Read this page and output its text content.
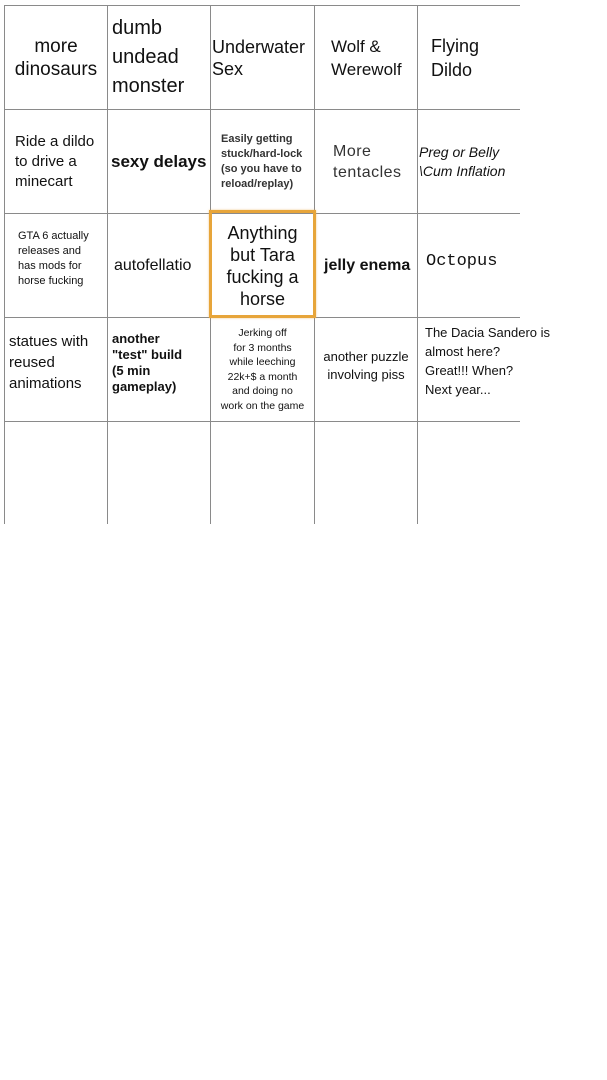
more
dinosaurs
dumb
undead
monster
Underwater
Sex
Wolf &
Werewolf
Flying
Dildo
Ride a dildo
to drive a
minecart
sexy delays
Easily getting
stuck/hard-lock
(so you have to
reload/replay)
More
tentacles
Preg or Belly
\Cum Inflation
GTA 6 actually
releases and
has mods for
horse fucking
autofellatio
Anything
but Tara
fucking a
horse
jelly enema Octopus
statues with
reused
animations
another
"test" build
(5 min
gameplay)
Jerking off
for 3 months
while leeching
22k+$ a month
and doing no
work on the game
another puzzle
involving piss
The Dacia Sandero is
almost here?
Great!!! When?
Next year...
